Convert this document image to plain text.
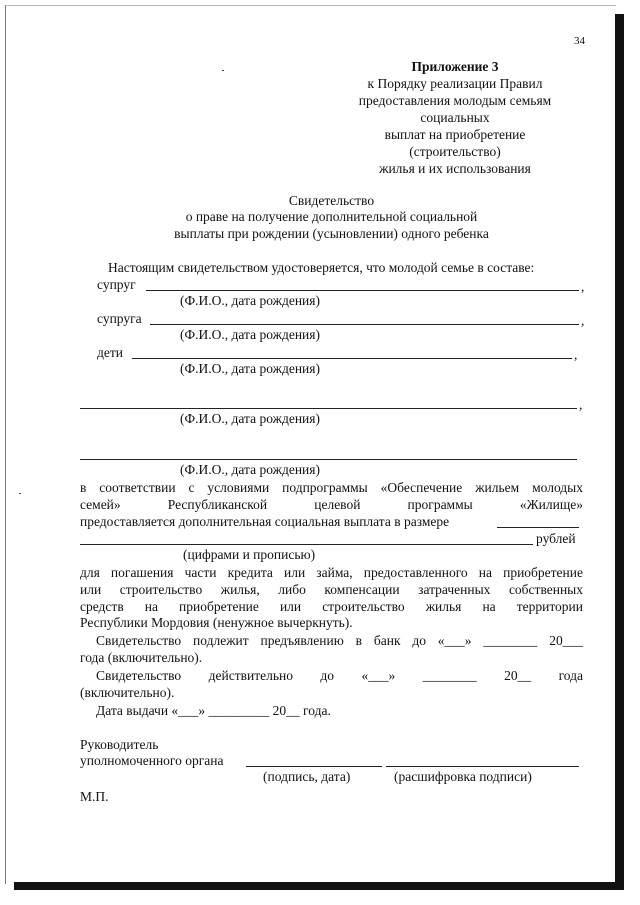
34
Приложение 3
к Порядку реализации Правил
предоставления молодым семьям
социальных
выплат на приобретение
(строительство)
жилья и их использования
Свидетельство
о праве на получение дополнительной социальной
выплаты при рождении (усыновлении) одного ребенка
Настоящим свидетельством удостоверяется, что молодой семье в составе:
супруг	,
(Ф.И.О., дата рождения)
супруга	,
(Ф.И.О., дата рождения)
дети	,
(Ф.И.О., дата рождения)
,
(Ф.И.О., дата рождения)
(Ф.И.О., дата рождения)
в соответствии с условиями подпрограммы «Обеспечение жильем молодых
семей» Республиканской целевой программы «Жилище»
предоставляется дополнительная социальная выплата в размере
рублей
(цифрами и прописью)
для погашения части кредита или займа, предоставленного на приобретение
или строительство жилья, либо компенсации затраченных собственных
средств на приобретение или строительство жилья на территории
Республики Мордовия (ненужное вычеркнуть).
Свидетельство подлежит предъявлению в банк до «___» ________ 20___
года (включительно).
Свидетельство действительно до «___» ________ 20__ года
(включительно).
Дата выдачи «___» _________ 20__ года.
Руководитель
уполномоченного органа
(подпись, дата)	(расшифровка подписи)
М.П.
